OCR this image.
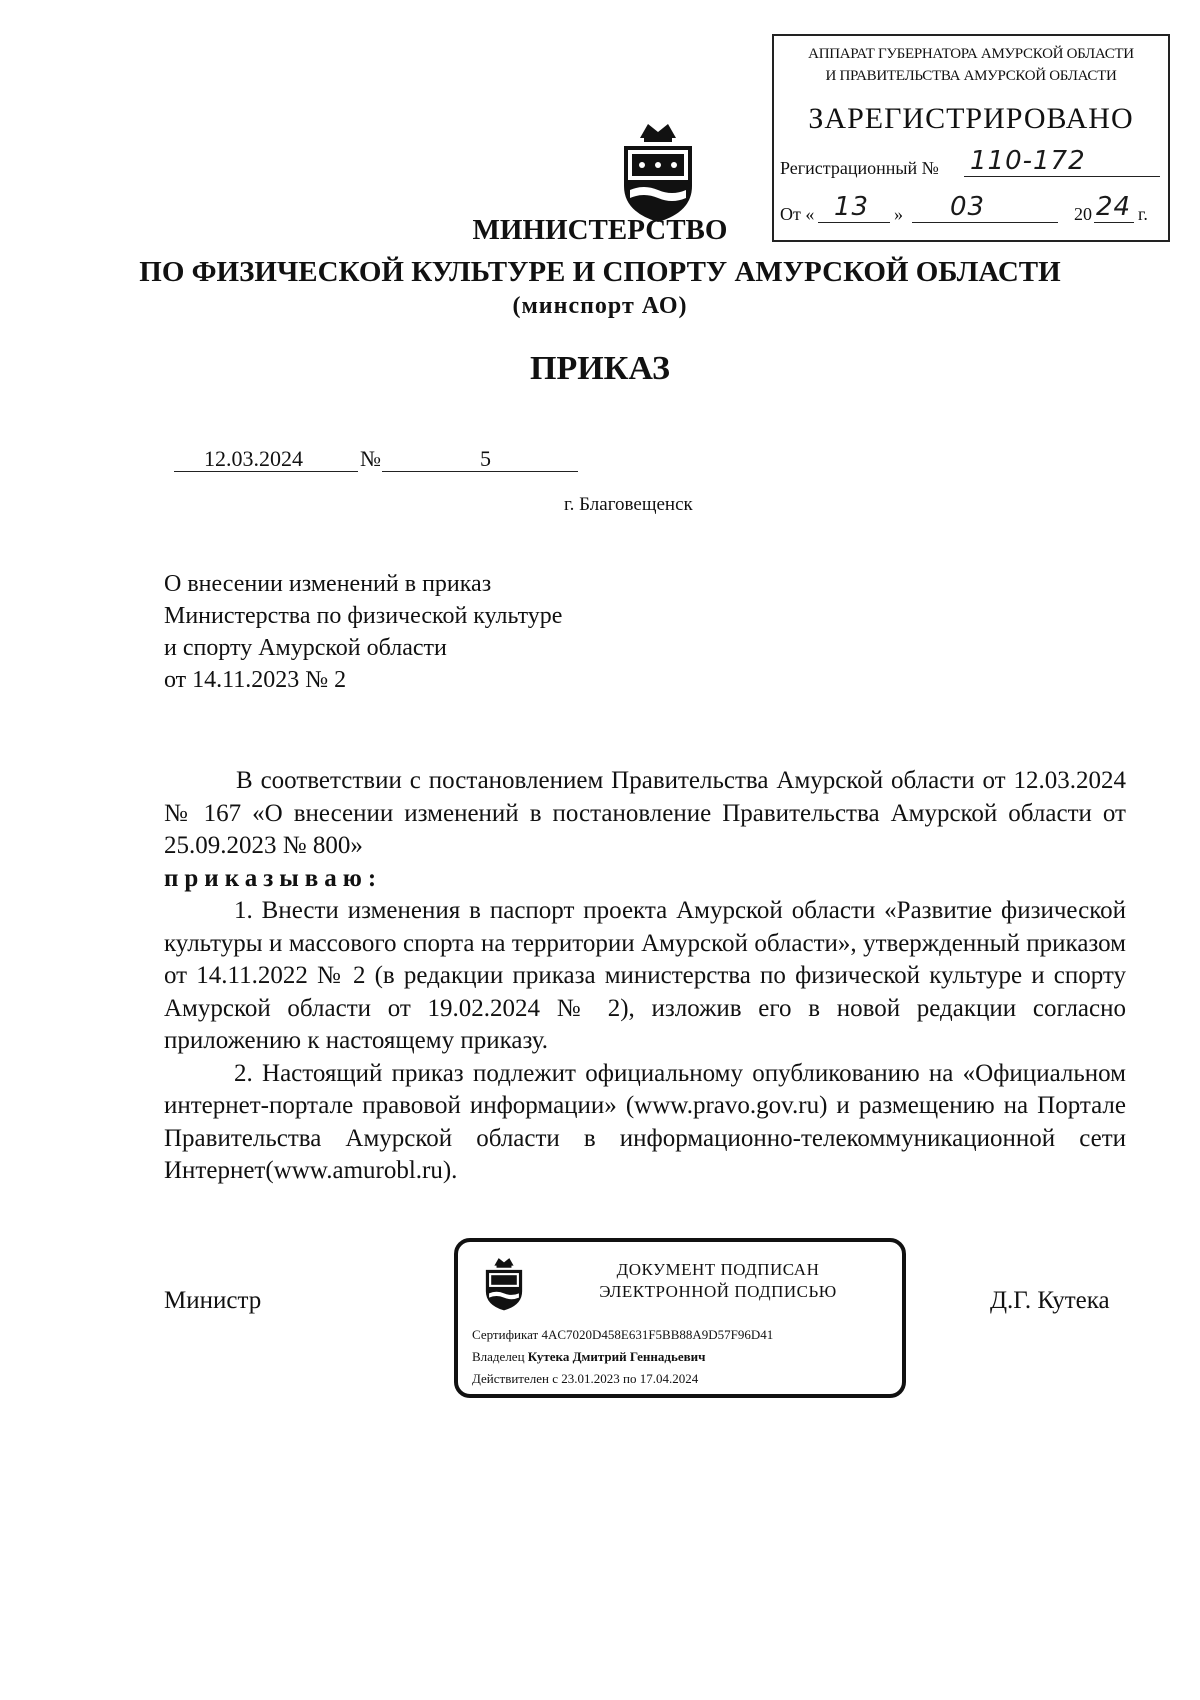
АППАРАТ ГУБЕРНАТОРА АМУРСКОЙ ОБЛАСТИ
И ПРАВИТЕЛЬСТВА АМУРСКОЙ ОБЛАСТИ
ЗАРЕГИСТРИРОВАНО
Регистрационный № 110-172
От « 13 » 03	20 24 г.
МИНИСТЕРСТВО
ПО ФИЗИЧЕСКОЙ КУЛЬТУРЕ И СПОРТУ АМУРСКОЙ ОБЛАСТИ
(минспорт АО)
ПРИКАЗ
12.03.2024	№	5
г. Благовещенск
О внесении изменений в приказ
Министерства по физической культуре
и спорту Амурской области
от 14.11.2023 № 2

В соответствии с постановлением Правительства Амурской области от 12.03.2024 № 167 «О внесении изменений в постановление Правительства Амурской области от 25.09.2023 № 800»

приказываю:

1. Внести изменения в паспорт проекта Амурской области «Развитие физической культуры и массового спорта на территории Амурской области», утвержденный приказом от 14.11.2022 № 2 (в редакции приказа министерства по физической культуре и спорту Амурской области от 19.02.2024 № 2), изложив его в новой редакции согласно приложению к настоящему приказу.

2. Настоящий приказ подлежит официальному опубликованию на «Официальном интернет-портале правовой информации» (www.pravo.gov.ru) и размещению на Портале Правительства Амурской области в информационно-телекоммуникационной сети Интернет(www.amurobl.ru).

Министр	Д.Г. Кутека
ДОКУМЕНТ ПОДПИСАН
ЭЛЕКТРОННОЙ ПОДПИСЬЮ
Сертификат 4AC7020D458E631F5BB88A9D57F96D41
Владелец Кутека Дмитрий Геннадьевич
Действителен с 23.01.2023 по 17.04.2024
